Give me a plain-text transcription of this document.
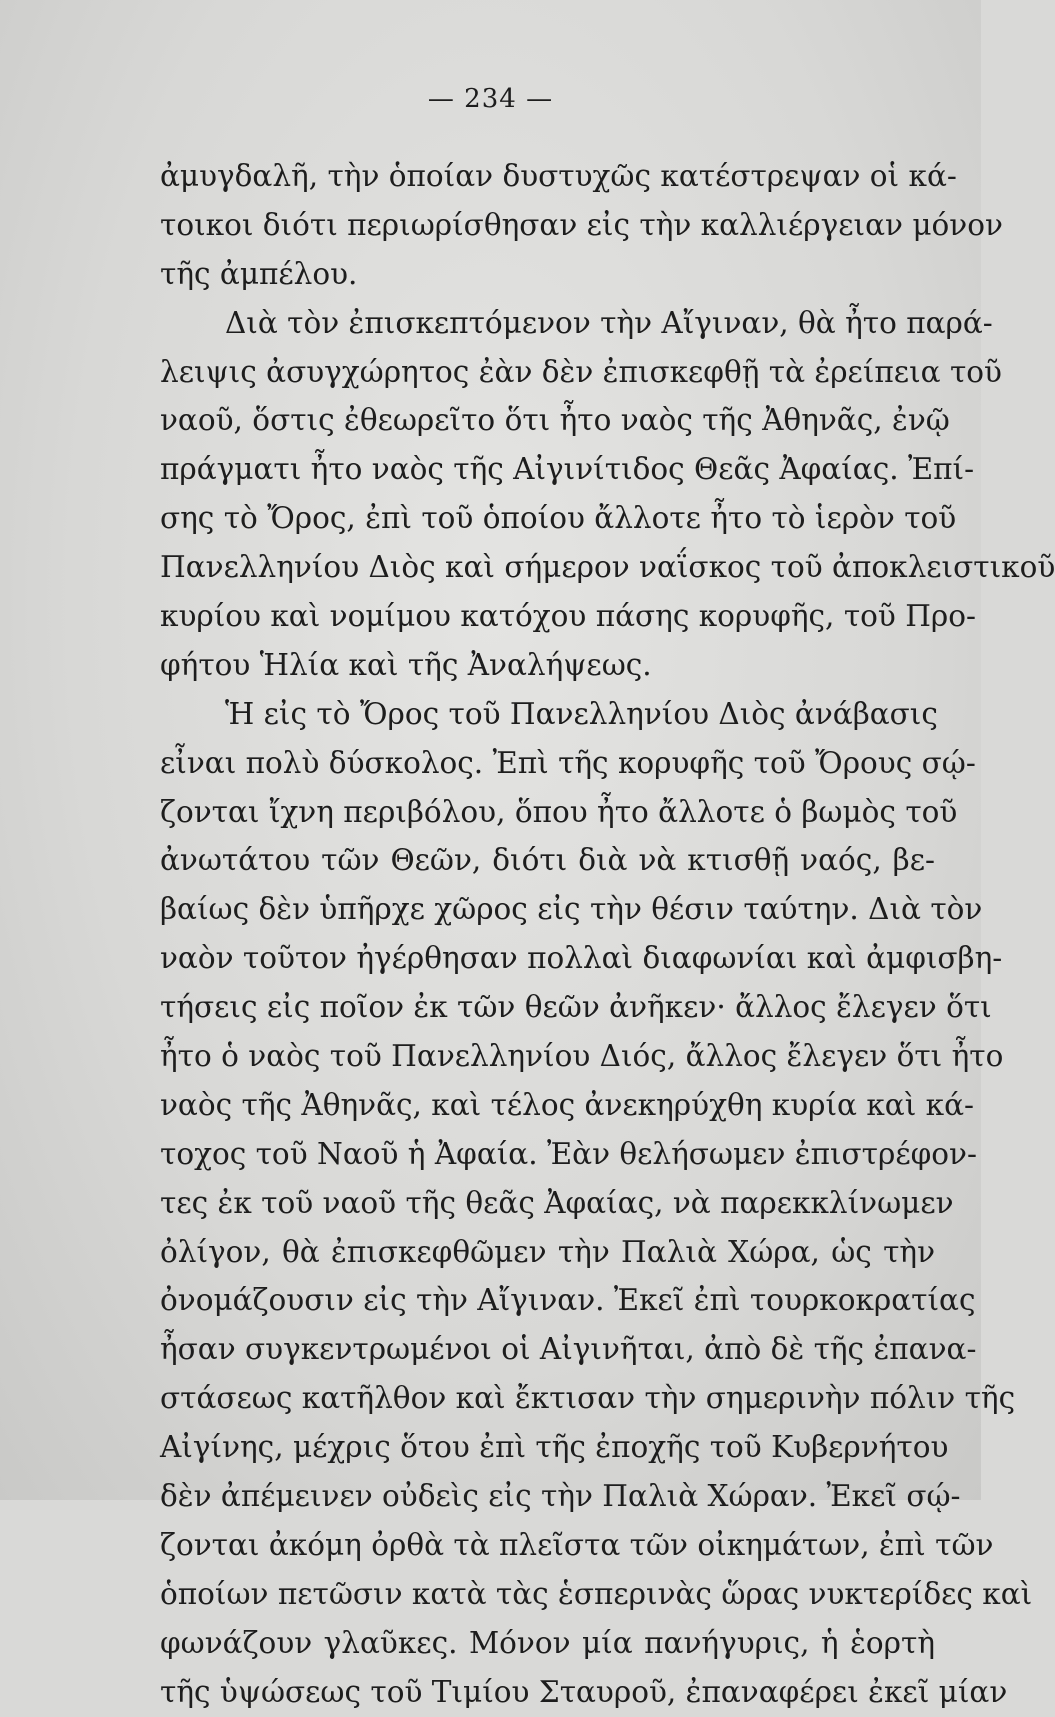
— 234 —
ἀμυγδαλῆ, τὴν ὁποίαν δυστυχῶς κατέστρεψαν οἱ κά-
τοικοι διότι περιωρίσθησαν εἰς τὴν καλλιέργειαν μόνον
τῆς ἀμπέλου.
Διὰ τὸν ἐπισκεπτόμενον τὴν Αἴγιναν, θὰ ἦτο παρά-
λειψις ἀσυγχώρητος ἐὰν δὲν ἐπισκεφθῇ τὰ ἐρείπεια τοῦ
ναοῦ, ὅστις ἐθεωρεῖτο ὅτι ἦτο ναὸς τῆς Ἀθηνᾶς, ἐνῷ
πράγματι ἦτο ναὸς τῆς Αἰγινίτιδος Θεᾶς Ἀφαίας. Ἐπί-
σης τὸ Ὄρος, ἐπὶ τοῦ ὁποίου ἄλλοτε ἦτο τὸ ἱερὸν τοῦ
Πανελληνίου Διὸς καὶ σήμερον ναΐσκος τοῦ ἀποκλειστικοῦ
κυρίου καὶ νομίμου κατόχου πάσης κορυφῆς, τοῦ Προ-
φήτου Ἡλία καὶ τῆς Ἀναλήψεως.
Ἡ εἰς τὸ Ὄρος τοῦ Πανελληνίου Διὸς ἀνάβασις
εἶναι πολὺ δύσκολος. Ἐπὶ τῆς κορυφῆς τοῦ Ὄρους σῴ-
ζονται ἴχνη περιβόλου, ὅπου ἦτο ἄλλοτε ὁ βωμὸς τοῦ
ἀνωτάτου τῶν Θεῶν, διότι διὰ νὰ κτισθῇ ναός, βε-
βαίως δὲν ὑπῆρχε χῶρος εἰς τὴν θέσιν ταύτην. Διὰ τὸν
ναὸν τοῦτον ἠγέρθησαν πολλαὶ διαφωνίαι καὶ ἀμφισβη-
τήσεις εἰς ποῖον ἐκ τῶν θεῶν ἀνῆκεν· ἄλλος ἔλεγεν ὅτι
ἦτο ὁ ναὸς τοῦ Πανελληνίου Διός, ἄλλος ἔλεγεν ὅτι ἦτο
ναὸς τῆς Ἀθηνᾶς, καὶ τέλος ἀνεκηρύχθη κυρία καὶ κά-
τοχος τοῦ Ναοῦ ἡ Ἀφαία. Ἐὰν θελήσωμεν ἐπιστρέφον-
τες ἐκ τοῦ ναοῦ τῆς θεᾶς Ἀφαίας, νὰ παρεκκλίνωμεν
ὀλίγον, θὰ ἐπισκεφθῶμεν τὴν Παλιὰ Χώρα, ὡς τὴν
ὀνομάζουσιν εἰς τὴν Αἴγιναν. Ἐκεῖ ἐπὶ τουρκοκρατίας
ἦσαν συγκεντρωμένοι οἱ Αἰγινῆται, ἀπὸ δὲ τῆς ἐπανα-
στάσεως κατῆλθον καὶ ἔκτισαν τὴν σημερινὴν πόλιν τῆς
Αἰγίνης, μέχρις ὅτου ἐπὶ τῆς ἐποχῆς τοῦ Κυβερνήτου
δὲν ἀπέμεινεν οὐδεὶς εἰς τὴν Παλιὰ Χώραν. Ἐκεῖ σῴ-
ζονται ἀκόμη ὀρθὰ τὰ πλεῖστα τῶν οἰκημάτων, ἐπὶ τῶν
ὁποίων πετῶσιν κατὰ τὰς ἑσπερινὰς ὥρας νυκτερίδες καὶ
φωνάζουν γλαῦκες. Μόνον μία πανήγυρις, ἡ ἑορτὴ
τῆς ὑψώσεως τοῦ Τιμίου Σταυροῦ, ἐπαναφέρει ἐκεῖ μίαν
